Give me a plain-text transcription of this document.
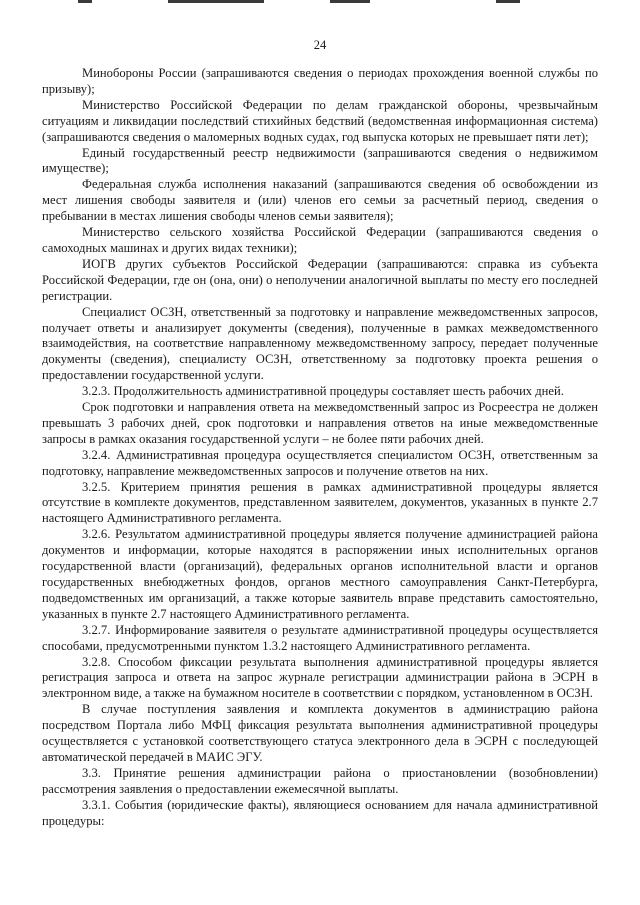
24

Минобороны России (запрашиваются сведения о периодах прохождения военной службы по призыву);

Министерство Российской Федерации по делам гражданской обороны, чрезвычайным ситуациям и ликвидации последствий стихийных бедствий (ведомственная информационная система) (запрашиваются сведения о маломерных водных судах, год выпуска которых не превышает пяти лет);

Единый государственный реестр недвижимости (запрашиваются сведения о недвижимом имуществе);

Федеральная служба исполнения наказаний (запрашиваются сведения об освобождении из мест лишения свободы заявителя и (или) членов его семьи за расчетный период, сведения о пребывании в местах лишения свободы членов семьи заявителя);

Министерство сельского хозяйства Российской Федерации (запрашиваются сведения о самоходных машинах и других видах техники);

ИОГВ других субъектов Российской Федерации (запрашиваются: справка из субъекта Российской Федерации, где он (она, они) о неполучении аналогичной выплаты по месту его последней регистрации.

Специалист ОСЗН, ответственный за подготовку и направление межведомственных запросов, получает ответы и анализирует документы (сведения), полученные в рамках межведомственного взаимодействия, на соответствие направленному межведомственному запросу, передает полученные документы (сведения), специалисту ОСЗН, ответственному за подготовку проекта решения о предоставлении государственной услуги.

3.2.3. Продолжительность административной процедуры составляет шесть рабочих дней.

Срок подготовки и направления ответа на межведомственный запрос из Росреестра не должен превышать 3 рабочих дней, срок подготовки и направления ответов на иные межведомственные запросы в рамках оказания государственной услуги – не более пяти рабочих дней.

3.2.4. Административная процедура осуществляется специалистом ОСЗН, ответственным за подготовку, направление межведомственных запросов и получение ответов на них.

3.2.5. Критерием принятия решения в рамках административной процедуры является отсутствие в комплекте документов, представленном заявителем, документов, указанных в пункте 2.7 настоящего Административного регламента.

3.2.6. Результатом административной процедуры является получение администрацией района документов и информации, которые находятся в распоряжении иных исполнительных органов государственной власти (организаций), федеральных органов исполнительной власти и органов государственных внебюджетных фондов, органов местного самоуправления Санкт-Петербурга, подведомственных им организаций, а также которые заявитель вправе представить самостоятельно, указанных в пункте 2.7 настоящего Административного регламента.

3.2.7. Информирование заявителя о результате административной процедуры осуществляется способами, предусмотренными пунктом 1.3.2 настоящего Административного регламента.

3.2.8. Способом фиксации результата выполнения административной процедуры является регистрация запроса и ответа на запрос журнале регистрации администрации района в ЭСРН в электронном виде, а также на бумажном носителе в соответствии с порядком, установленном в ОСЗН.

В случае поступления заявления и комплекта документов в администрацию района посредством Портала либо МФЦ фиксация результата выполнения административной процедуры осуществляется с установкой соответствующего статуса электронного дела в ЭСРН с последующей автоматической передачей в МАИС ЭГУ.

3.3. Принятие решения администрации района о приостановлении (возобновлении) рассмотрения заявления о предоставлении ежемесячной выплаты.

3.3.1. События (юридические факты), являющиеся основанием для начала административной процедуры:
